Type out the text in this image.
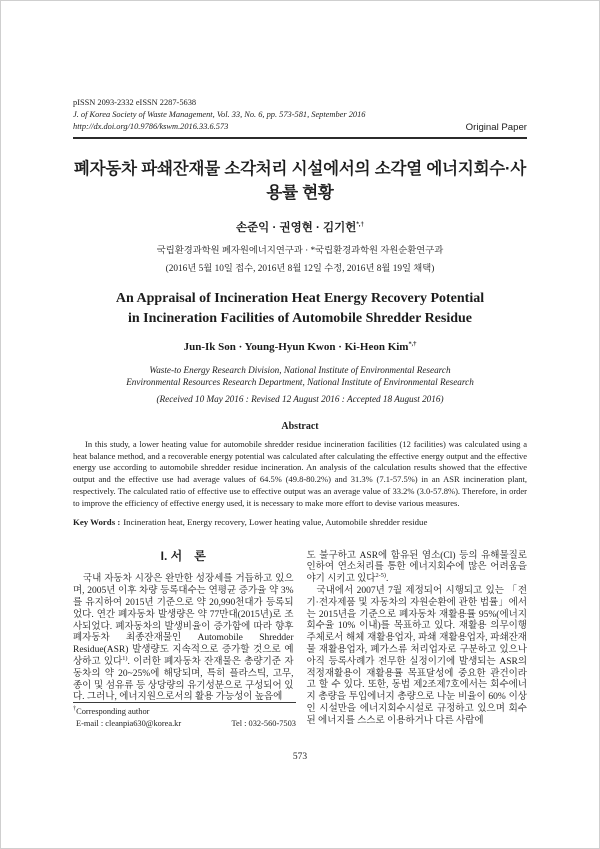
pISSN 2093-2332 eISSN 2287-5638
J. of Korea Society of Waste Management, Vol. 33, No. 6, pp. 573-581, September 2016
http://dx.doi.org/10.9786/kswm.2016.33.6.573	Original Paper
폐자동차 파쇄잔재물 소각처리 시설에서의 소각열 에너지회수·사용률 현황
손준익 · 권영현 · 김기헌*,†
국립환경과학원 폐자원에너지연구과 · *국립환경과학원 자원순환연구과
(2016년 5월 10일 접수, 2016년 8월 12일 수정, 2016년 8월 19일 채택)
An Appraisal of Incineration Heat Energy Recovery Potential
in Incineration Facilities of Automobile Shredder Residue
Jun-Ik Son · Young-Hyun Kwon · Ki-Heon Kim*,†
Waste-to Energy Research Division, National Institute of Environmental Research
Environmental Resources Research Department, National Institute of Environmental Research
(Received 10 May 2016 : Revised 12 August 2016 : Accepted 18 August 2016)
Abstract
In this study, a lower heating value for automobile shredder residue incineration facilities (12 facilities) was calculated using a heat balance method, and a recoverable energy potential was calculated after calculating the effective energy output and the effective energy use according to automobile shredder residue incineration. An analysis of the calculation results showed that the effective output and the effective use had average values of 64.5% (49.8-80.2%) and 31.3% (7.1-57.5%) in an ASR incineration plant, respectively. The calculated ratio of effective use to effective output was an average value of 33.2% (3.0-57.8%). Therefore, in order to improve the efficiency of effective energy used, it is necessary to make more effort to devise various measures.
Key Words : Incineration heat, Energy recovery, Lower heating value, Automobile shredder residue
I. 서 론

국내 자동차 시장은 완만한 성장세를 거듭하고 있으며, 2005년 이후 차량 등록대수는 연평균 증가율 약 3%를 유지하여 2015년 기준으로 약 20,990천대가 등록되었다. 연간 폐자동차 발생량은 약 77만대(2015년)로 조사되었다. 폐자동차의 발생비율이 증가함에 따라 향후 폐자동차 최종잔재물인 Automobile Shredder Residue(ASR) 발생량도 지속적으로 증가할 것으로 예상하고 있다$^{1)}$. 이러한 폐자동차 잔재물은 총량기준 자동차의 약 20~25%에 해당되며, 특히 플라스틱, 고무, 종이 및 섬유류 등 상당량의 유기성분으로 구성되어 있다. 그러나, 에너지원으로서의 활용 가능성이 높음에

도 불구하고 ASR에 함유된 염소(Cl) 등의 유해물질로 인하여 연소처리를 통한 에너지회수에 많은 어려움을 야기 시키고 있다$^{2-5)}$.

국내에서 2007년 7월 제정되어 시행되고 있는 「전기·전자제품 및 자동차의 자원순환에 관한 법률」에서는 2015년을 기준으로 폐자동차 재활용률 95%(에너지회수율 10% 이내)를 목표하고 있다. 재활용 의무이행 주체로서 해체 재활용업자, 파쇄 재활용업자, 파쇄잔재물 재활용업자, 폐가스류 처리업자로 구분하고 있으나 아직 등록사례가 전무한 실정이기에 발생되는 ASR의 적정재활용이 재활용률 목표달성에 중요한 관건이라고 할 수 있다. 또한, 동법 제2조제7호에서는 회수에너지 총량을 투입에너지 총량으로 나눈 비율이 60% 이상인 시설만을 에너지회수시설로 규정하고 있으며 회수된 에너지를 스스로 이용하거나 다른 사람에

†Corresponding author
E-mail : cleanpia630@korea.kr	Tel : 032-560-7503
573
